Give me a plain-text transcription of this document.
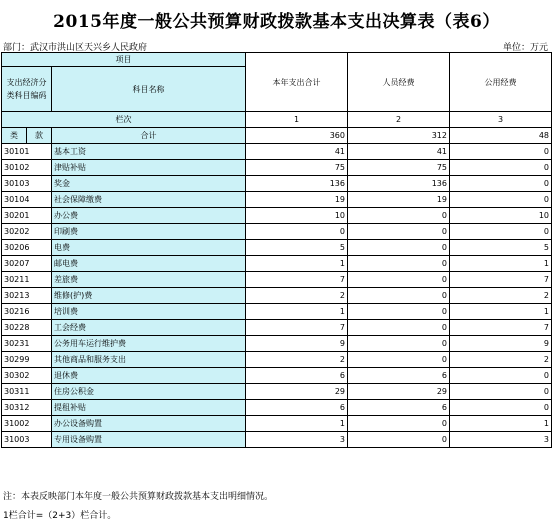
2015年度一般公共预算财政拨款基本支出决算表（表6）
部门：武汉市洪山区天兴乡人民政府	单位：万元
项目			本年支出合计	人员经费	公用经费
支出经济分类科目编码		科目名称			

栏次			1	2	3
类	款	合计	360	312	48
30101		基本工资	41	41	0
30102		津贴补贴	75	75	0
30103		奖金	136	136	0
30104		社会保障缴费	19	19	0
30201		办公费	10	0	10
30202		印刷费	0	0	0
30206		电费	5	0	5
30207		邮电费	1	0	1
30211		差旅费	7	0	7
30213		维修(护)费	2	0	2
30216		培训费	1	0	1
30228		工会经费	7	0	7
30231		公务用车运行维护费	9	0	9
30299		其他商品和服务支出	2	0	2
30302		退休费	6	6	0
30311		住房公积金	29	29	0
30312		提租补贴	6	6	0
31002		办公设备购置	1	0	1
31003		专用设备购置	3	0	3
注：本表反映部门本年度一般公共预算财政拨款基本支出明细情况。
1栏合计=（2+3）栏合计。
